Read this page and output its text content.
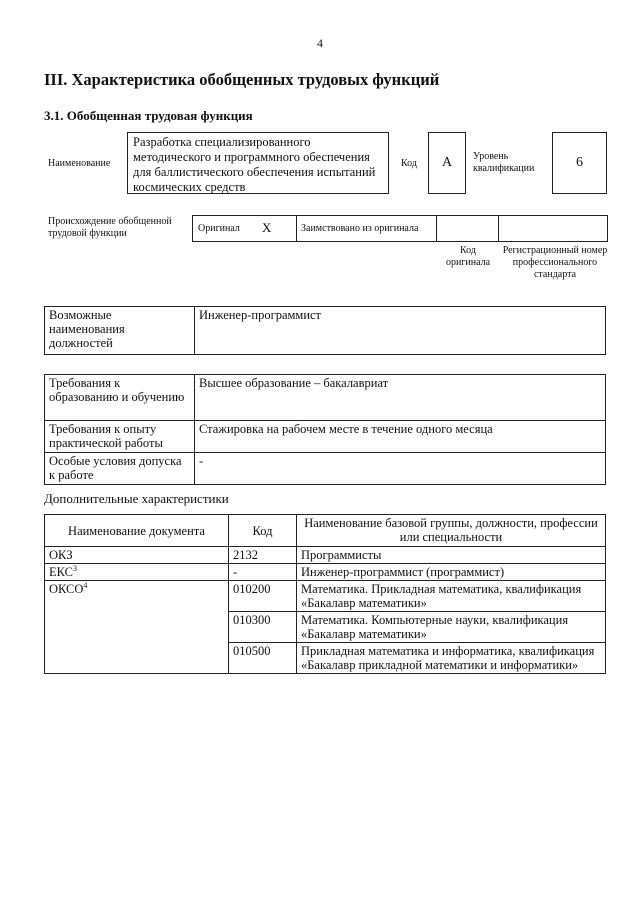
4
III. Характеристика обобщенных трудовых функций
3.1. Обобщенная трудовая функция
Наименование
Разработка специализированного методического и программного обеспечения для баллистического обеспечения испытаний космических средств
Код	А	Уровень квалификации	6
Происхождение обобщенной трудовой функции	Оригинал X	Заимствовано из оригинала
Код оригинала
Регистрационный номер профессионального стандарта
Возможные наименования должностей	Инженер-программист
Требования к образованию и обучению	Высшее образование – бакалавриат
Требования к опыту практической работы	Стажировка на рабочем месте в течение одного месяца
Особые условия допуска к работе	-
Дополнительные характеристики
Наименование документа	Код	Наименование базовой группы, должности, профессии или специальности
ОКЗ	2132	Программисты
ЕКС$^3$	-	Инженер-программист (программист)
ОКСО$^4$	010200	Математика. Прикладная математика, квалификация «Бакалавр математики»
	010300	Математика. Компьютерные науки, квалификация «Бакалавр математики»
	010500	Прикладная математика и информатика, квалификация «Бакалавр прикладной математики и информатики»
